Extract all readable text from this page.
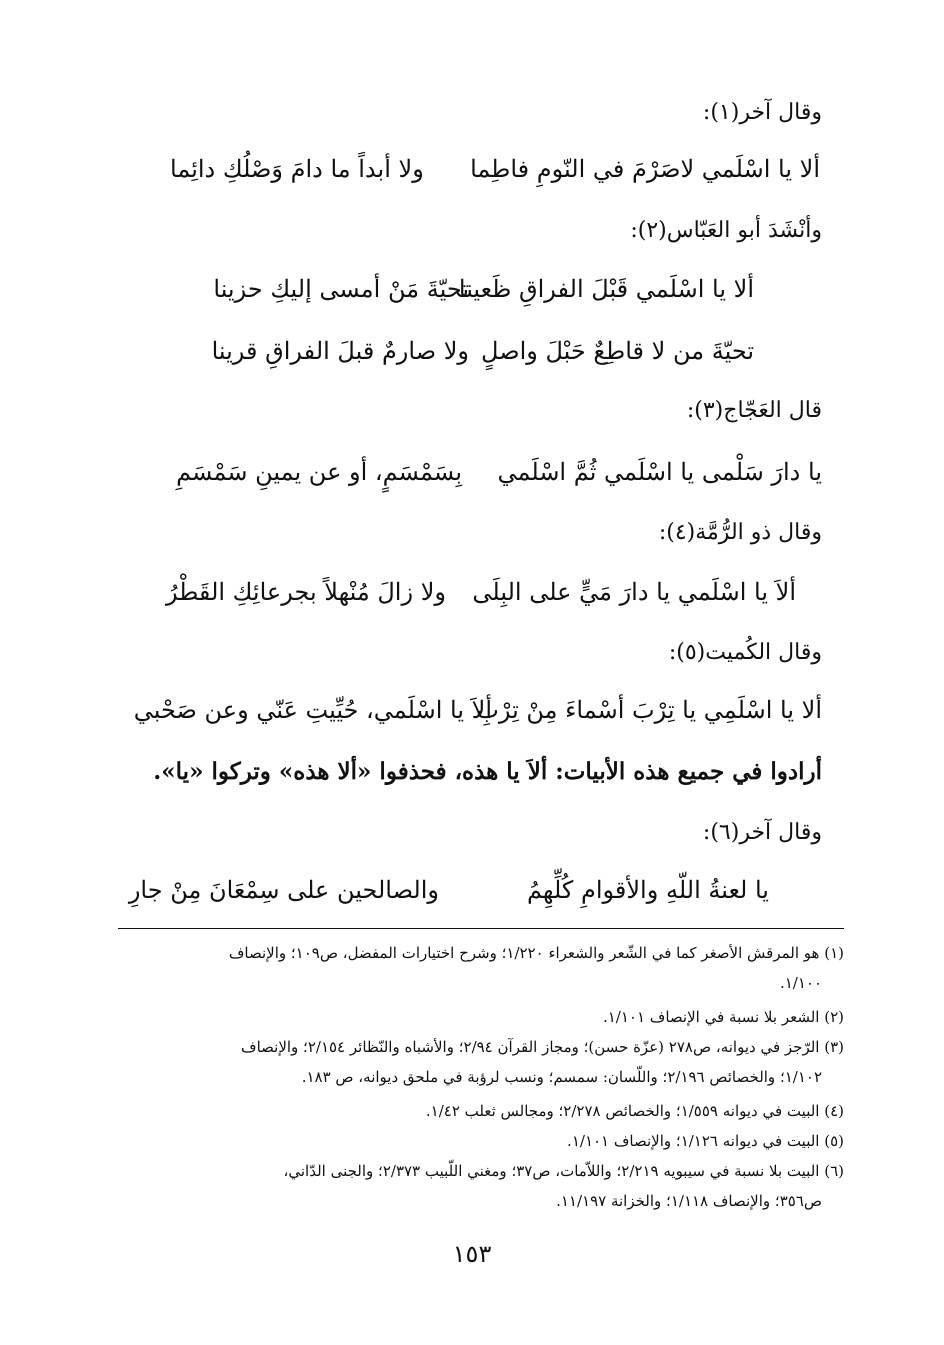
وقال آخر(١):
ألا يا اسْلَمي لاصَرْمَ في النّومِ فاطِما
ولا أبداً ما دامَ وَصْلُكِ دائِما
وأنْشَدَ أبو العَبّاس(٢):
ألا يا اسْلَمي قَبْلَ الفراقِ ظَعينا
تحيّةَ مَنْ أمسى إليكِ حزينا
تحيّةَ من لا قاطِعٌ حَبْلَ واصلٍ
ولا صارمٌ قبلَ الفراقِ قرينا
قال العَجّاج(٣):
يا دارَ سَلْمى يا اسْلَمي ثُمَّ اسْلَمي
بِسَمْسَمٍ، أو عن يمينِ سَمْسَمِ
وقال ذو الرُّمَّة(٤):
ألاَ يا اسْلَمي يا دارَ مَيٍّ على البِلَى
ولا زالَ مُنْهلاً بجرعائِكِ القَطْرُ
وقال الكُميت(٥):
ألا يا اسْلَمِي يا تِرْبَ أسْماءَ مِنْ تِرْبِ
ألاَ يا اسْلَمي، حُيِّيتِ عَنّي وعن صَحْبي
أرادوا في جميع هذه الأبيات: ألاَ يا هذه، فحذفوا «ألا هذه» وتركوا «يا».
وقال آخر(٦):
يا لعنةُ اللّهِ والأقوامِ كُلِّهِمُ
والصالحين على سِمْعَانَ مِنْ جارِ
(١) هو المرقش الأصغر كما في الشّعر والشعراء ١/٢٢٠؛ وشرح اختيارات المفضل، ص١٠٩؛ والإنصاف
١/١٠٠.
(٢) الشعر بلا نسبة في الإنصاف ١/١٠١.
(٣) الرّجز في ديوانه، ص٢٧٨ (عزّة حسن)؛ ومجاز القرآن ٢/٩٤؛ والأشباه والنّظائر ٢/١٥٤؛ والإنصاف
١/١٠٢؛ والخصائص ٢/١٩٦؛ واللّسان: سمسم؛ ونسب لرؤبة في ملحق ديوانه، ص ١٨٣.
(٤) البيت في ديوانه ١/٥٥٩؛ والخصائص ٢/٢٧٨؛ ومجالس ثعلب ١/٤٢.
(٥) البيت في ديوانه ١/١٢٦؛ والإنصاف ١/١٠١.
(٦) البيت بلا نسبة في سيبويه ٢/٢١٩؛ واللاّمات، ص٣٧؛ ومغني اللّبيب ٢/٣٧٣؛ والجنى الدّاني،
ص٣٥٦؛ والإنصاف ١/١١٨؛ والخزانة ١١/١٩٧.
١٥٣
